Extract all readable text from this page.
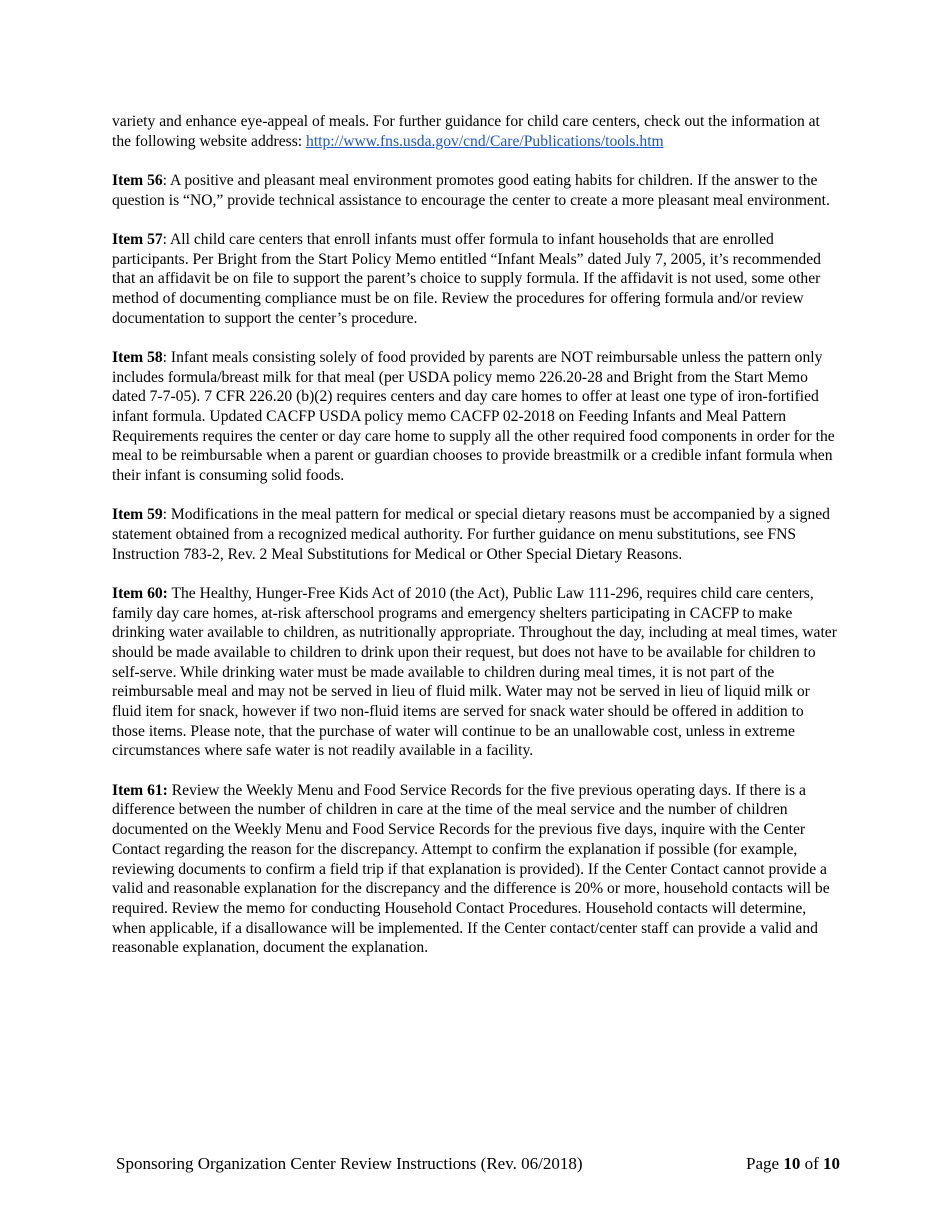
variety and enhance eye-appeal of meals. For further guidance for child care centers, check out the information at the following website address: http://www.fns.usda.gov/cnd/Care/Publications/tools.htm

Item 56: A positive and pleasant meal environment promotes good eating habits for children. If the answer to the question is “NO,” provide technical assistance to encourage the center to create a more pleasant meal environment.

Item 57: All child care centers that enroll infants must offer formula to infant households that are enrolled participants. Per Bright from the Start Policy Memo entitled “Infant Meals” dated July 7, 2005, it’s recommended that an affidavit be on file to support the parent’s choice to supply formula. If the affidavit is not used, some other method of documenting compliance must be on file. Review the procedures for offering formula and/or review documentation to support the center’s procedure.

Item 58: Infant meals consisting solely of food provided by parents are NOT reimbursable unless the pattern only includes formula/breast milk for that meal (per USDA policy memo 226.20-28 and Bright from the Start Memo dated 7-7-05). 7 CFR 226.20 (b)(2) requires centers and day care homes to offer at least one type of iron-fortified infant formula. Updated CACFP USDA policy memo CACFP 02-2018 on Feeding Infants and Meal Pattern Requirements requires the center or day care home to supply all the other required food components in order for the meal to be reimbursable when a parent or guardian chooses to provide breastmilk or a credible infant formula when their infant is consuming solid foods.

Item 59: Modifications in the meal pattern for medical or special dietary reasons must be accompanied by a signed statement obtained from a recognized medical authority. For further guidance on menu substitutions, see FNS Instruction 783-2, Rev. 2 Meal Substitutions for Medical or Other Special Dietary Reasons.

Item 60: The Healthy, Hunger-Free Kids Act of 2010 (the Act), Public Law 111-296, requires child care centers, family day care homes, at-risk afterschool programs and emergency shelters participating in CACFP to make drinking water available to children, as nutritionally appropriate. Throughout the day, including at meal times, water should be made available to children to drink upon their request, but does not have to be available for children to self-serve. While drinking water must be made available to children during meal times, it is not part of the reimbursable meal and may not be served in lieu of fluid milk. Water may not be served in lieu of liquid milk or fluid item for snack, however if two non-fluid items are served for snack water should be offered in addition to those items. Please note, that the purchase of water will continue to be an unallowable cost, unless in extreme circumstances where safe water is not readily available in a facility.

Item 61: Review the Weekly Menu and Food Service Records for the five previous operating days. If there is a difference between the number of children in care at the time of the meal service and the number of children documented on the Weekly Menu and Food Service Records for the previous five days, inquire with the Center Contact regarding the reason for the discrepancy. Attempt to confirm the explanation if possible (for example, reviewing documents to confirm a field trip if that explanation is provided). If the Center Contact cannot provide a valid and reasonable explanation for the discrepancy and the difference is 20% or more, household contacts will be required. Review the memo for conducting Household Contact Procedures. Household contacts will determine, when applicable, if a disallowance will be implemented. If the Center contact/center staff can provide a valid and reasonable explanation, document the explanation.

Sponsoring Organization Center Review Instructions (Rev. 06/2018)	Page 10 of 10
